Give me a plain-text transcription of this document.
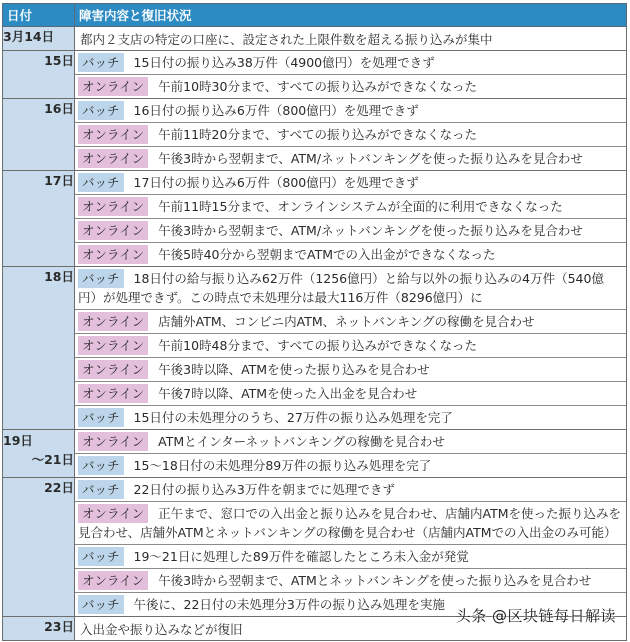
日付	障害内容と復旧状況
3月14日	都内２支店の特定の口座に、設定された上限件数を超える振り込みが集中
15日	バッチ 15日付の振り込み38万件（4900億円）を処理できず
オンライン 午前10時30分まで、すべての振り込みができなくなった

16日	バッチ 16日付の振り込み6万件（800億円）を処理できず
オンライン 午前11時20分まで、すべての振り込みができなくなった
オンライン 午後3時から翌朝まで、ATM/ネットバンキングを使った振り込みを見合わせ

17日	バッチ 17日付の振り込み6万件（800億円）を処理できず
オンライン 午前11時15分まで、オンラインシステムが全面的に利用できなくなった
オンライン 午後3時から翌朝まで、ATM/ネットバンキングを使った振り込みを見合わせ
オンライン 午後5時40分から翌朝までATMでの入出金ができなくなった

18日	バッチ 18日付の給与振り込み62万件（1256億円）と給与以外の振り込みの4万件（540億円）が処理できず。この時点で未処理分は最大116万件（8296億円）に
オンライン 店舗外ATM、コンビニ内ATM、ネットバンキングの稼働を見合わせ
オンライン 午前10時48分まで、すべての振り込みができなくなった
オンライン 午後3時以降、ATMを使った振り込みを見合わせ
オンライン 午後7時以降、ATMを使った入出金を見合わせ
バッチ 15日付の未処理分のうち、27万件の振り込み処理を完了

19日
～21日

オンライン ATMとインターネットバンキングの稼働を見合わせ
バッチ 15～18日付の未処理分89万件の振り込み処理を完了

22日	バッチ 22日付の振り込み3万件を朝までに処理できず
オンライン 正午まで、窓口での入出金と振り込みを見合わせ、店舗内ATMを使った振り込みを見合わせ、店舗外ATMとネットバンキングの稼働を見合わせ（店舗内ATMでの入出金のみ可能）
バッチ 19～21日に処理した89万件を確認したところ未入金が発覚
オンライン 午後3時から翌朝まで、ATMとネットバンキングを使った振り込みを見合わせ
バッチ 午後に、22日付の未処理分3万件の振り込み処理を実施

23日	入出金や振り込みなどが復旧
头条 @区块链每日解读
